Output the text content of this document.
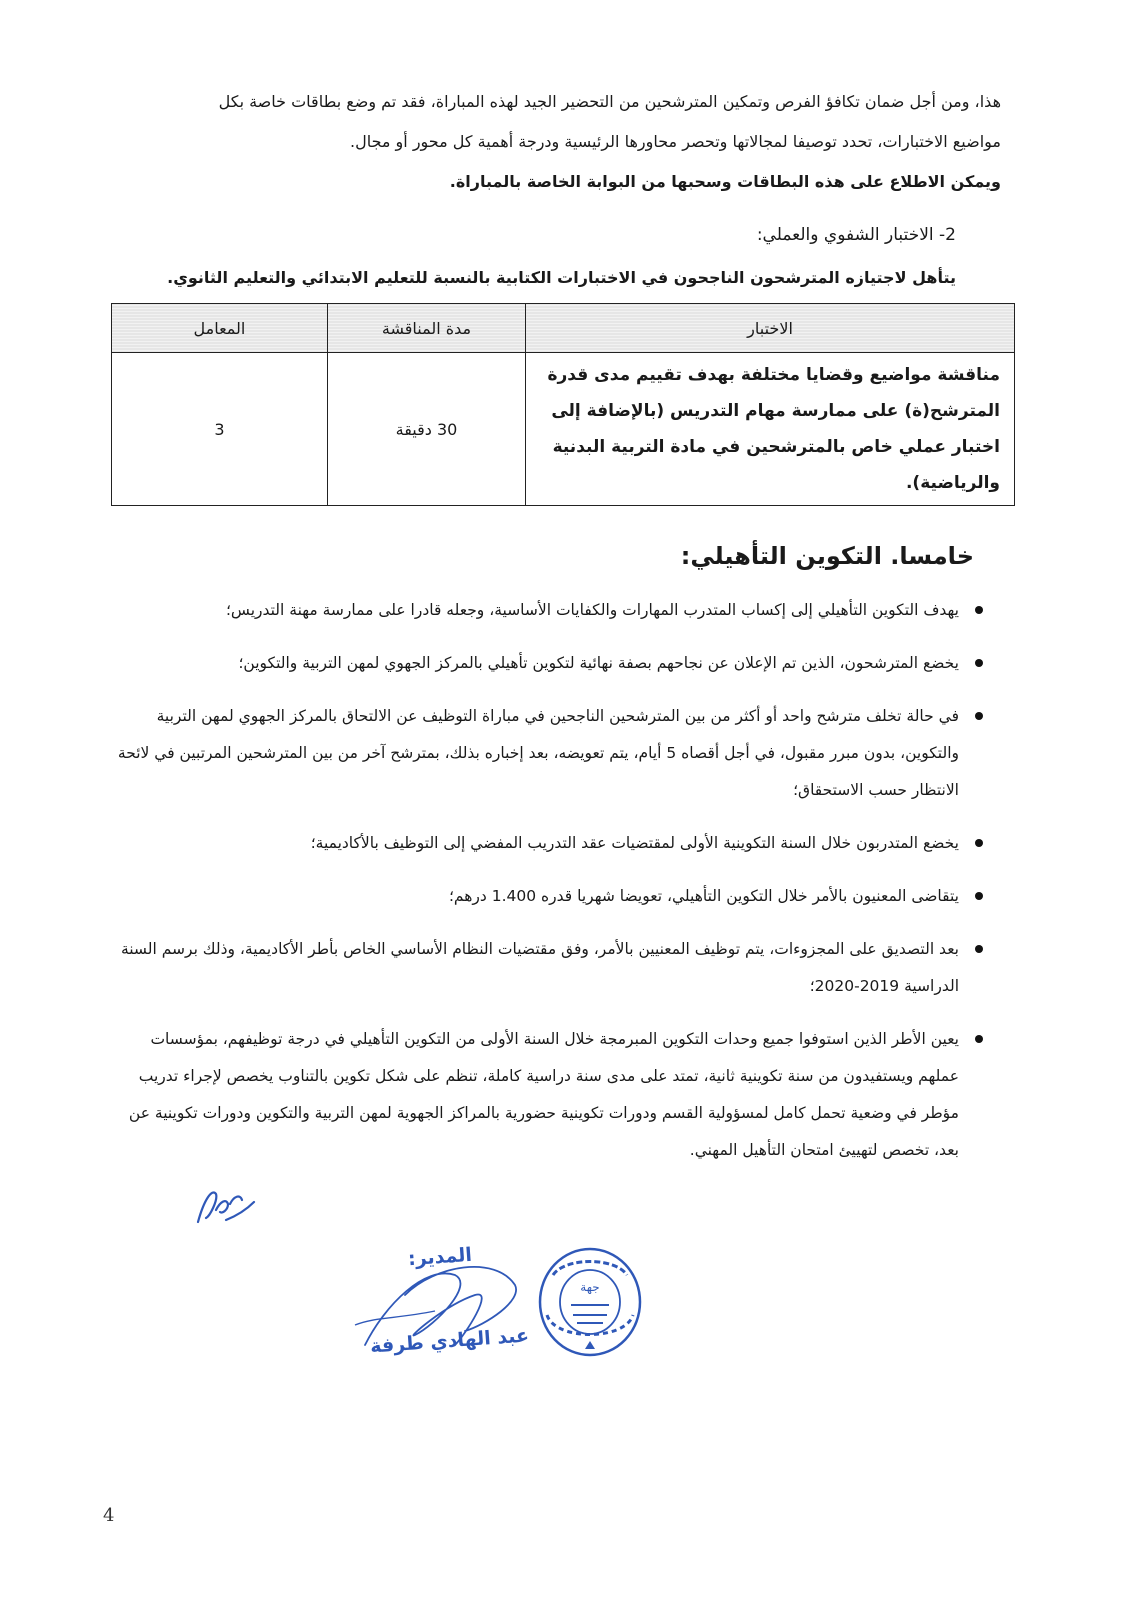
هذا، ومن أجل ضمان تكافؤ الفرص وتمكين المترشحين من التحضير الجيد لهذه المباراة، فقد تم وضع بطاقات خاصة بكل

مواضيع الاختبارات، تحدد توصيفا لمجالاتها وتحصر محاورها الرئيسية ودرجة أهمية كل محور أو مجال.

ويمكن الاطلاع على هذه البطاقات وسحبها من البوابة الخاصة بالمباراة.

2- الاختبار الشفوي والعملي:
يتأهل لاجتيازه المترشحون الناجحون في الاختبارات الكتابية بالنسبة للتعليم الابتدائي والتعليم الثانوي.
الاختبار	مدة المناقشة	المعامل
مناقشة مواضيع وقضايا مختلفة بهدف تقييم مدى قدرة المترشح(ة) على ممارسة مهام التدريس (بالإضافة إلى اختبار عملي خاص بالمترشحين في مادة التربية البدنية والرياضية).	30 دقيقة	3
خامسا. التكوين التأهيلي:
يهدف التكوين التأهيلي إلى إكساب المتدرب المهارات والكفايات الأساسية، وجعله قادرا على ممارسة مهنة التدريس؛
يخضع المترشحون، الذين تم الإعلان عن نجاحهم بصفة نهائية لتكوين تأهيلي بالمركز الجهوي لمهن التربية والتكوين؛
في حالة تخلف مترشح واحد أو أكثر من بين المترشحين الناجحين في مباراة التوظيف عن الالتحاق بالمركز الجهوي لمهن التربية والتكوين، بدون مبرر مقبول، في أجل أقصاه 5 أيام، يتم تعويضه، بعد إخباره بذلك، بمترشح آخر من بين المترشحين المرتبين في لائحة الانتظار حسب الاستحقاق؛
يخضع المتدربون خلال السنة التكوينية الأولى لمقتضيات عقد التدريب المفضي إلى التوظيف بالأكاديمية؛
يتقاضى المعنيون بالأمر خلال التكوين التأهيلي، تعويضا شهريا قدره 1.400 درهم؛
بعد التصديق على المجزوءات، يتم توظيف المعنيين بالأمر، وفق مقتضيات النظام الأساسي الخاص بأطر الأكاديمية، وذلك برسم السنة الدراسية 2019-2020؛
يعين الأطر الذين استوفوا جميع وحدات التكوين المبرمجة خلال السنة الأولى من التكوين التأهيلي في درجة توظيفهم، بمؤسسات عملهم ويستفيدون من سنة تكوينية ثانية، تمتد على مدى سنة دراسية كاملة، تنظم على شكل تكوين بالتناوب يخصص لإجراء تدريب مؤطر في وضعية تحمل كامل لمسؤولية القسم ودورات تكوينية حضورية بالمراكز الجهوية لمهن التربية والتكوين ودورات تكوينية عن بعد، تخصص لتهييئ امتحان التأهيل المهني.
جهة
المدير:
عبد الهادي طرفة
4
